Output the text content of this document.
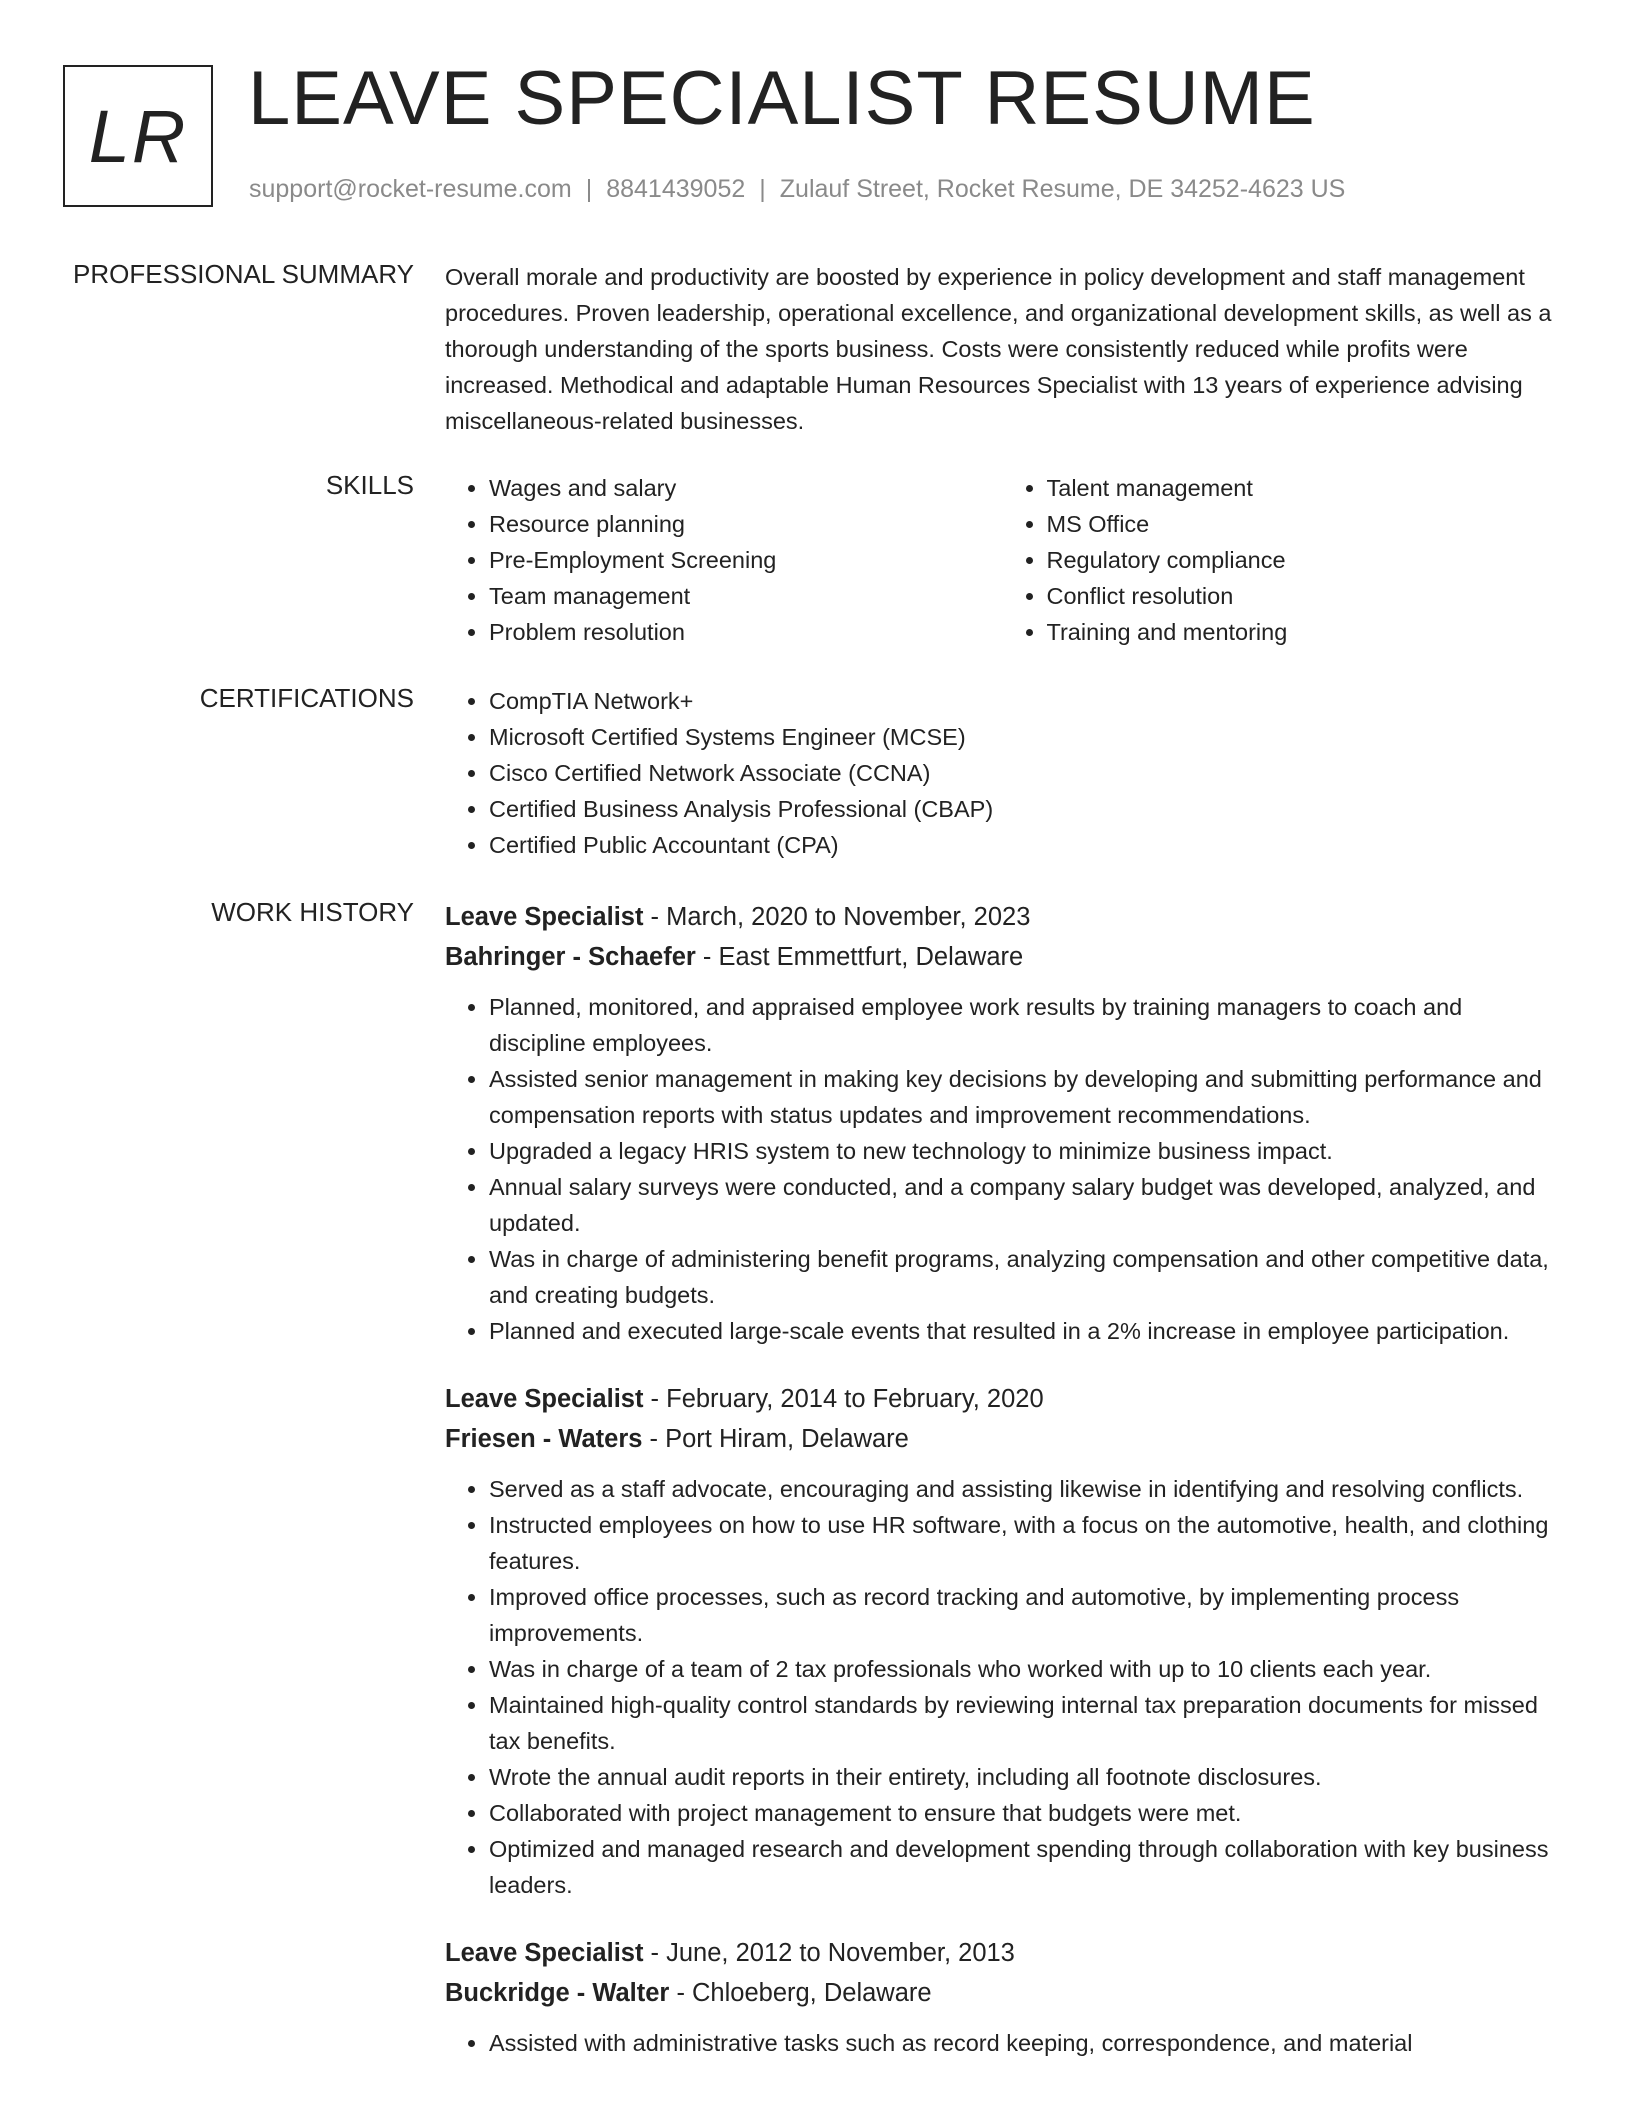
LR LEAVE SPECIALIST RESUME
support@rocket-resume.com | 8841439052 | Zulauf Street, Rocket Resume, DE 34252-4623 US
PROFESSIONAL SUMMARY Overall morale and productivity are boosted by experience in policy development and staff management procedures. Proven leadership, operational excellence, and organizational development skills, as well as a thorough understanding of the sports business. Costs were consistently reduced while profits were increased. Methodical and adaptable Human Resources Specialist with 13 years of experience advising miscellaneous-related businesses.

SKILLS	• Wages and salary
• Resource planning
• Pre-Employment Screening
• Team management
• Problem resolution
• Talent management
• MS Office
• Regulatory compliance
• Conflict resolution
• Training and mentoring
CERTIFICATIONS	• CompTIA Network+
• Microsoft Certified Systems Engineer (MCSE)
• Cisco Certified Network Associate (CCNA)
• Certified Business Analysis Professional (CBAP)
• Certified Public Accountant (CPA)
WORK HISTORY Leave Specialist - March, 2020 to November, 2023
Bahringer - Schaefer - East Emmettfurt, Delaware
• Planned, monitored, and appraised employee work results by training managers to coach and discipline employees.
• Assisted senior management in making key decisions by developing and submitting performance and compensation reports with status updates and improvement recommendations.
• Upgraded a legacy HRIS system to new technology to minimize business impact.
• Annual salary surveys were conducted, and a company salary budget was developed, analyzed, and updated.
• Was in charge of administering benefit programs, analyzing compensation and other competitive data, and creating budgets.
• Planned and executed large-scale events that resulted in a 2% increase in employee participation.
Leave Specialist - February, 2014 to February, 2020
Friesen - Waters - Port Hiram, Delaware
• Served as a staff advocate, encouraging and assisting likewise in identifying and resolving conflicts.
• Instructed employees on how to use HR software, with a focus on the automotive, health, and clothing features.
• Improved office processes, such as record tracking and automotive, by implementing process improvements.
• Was in charge of a team of 2 tax professionals who worked with up to 10 clients each year.
• Maintained high-quality control standards by reviewing internal tax preparation documents for missed tax benefits.
• Wrote the annual audit reports in their entirety, including all footnote disclosures.
• Collaborated with project management to ensure that budgets were met.
• Optimized and managed research and development spending through collaboration with key business leaders.
Leave Specialist - June, 2012 to November, 2013
Buckridge - Walter - Chloeberg, Delaware
• Assisted with administrative tasks such as record keeping, correspondence, and material
